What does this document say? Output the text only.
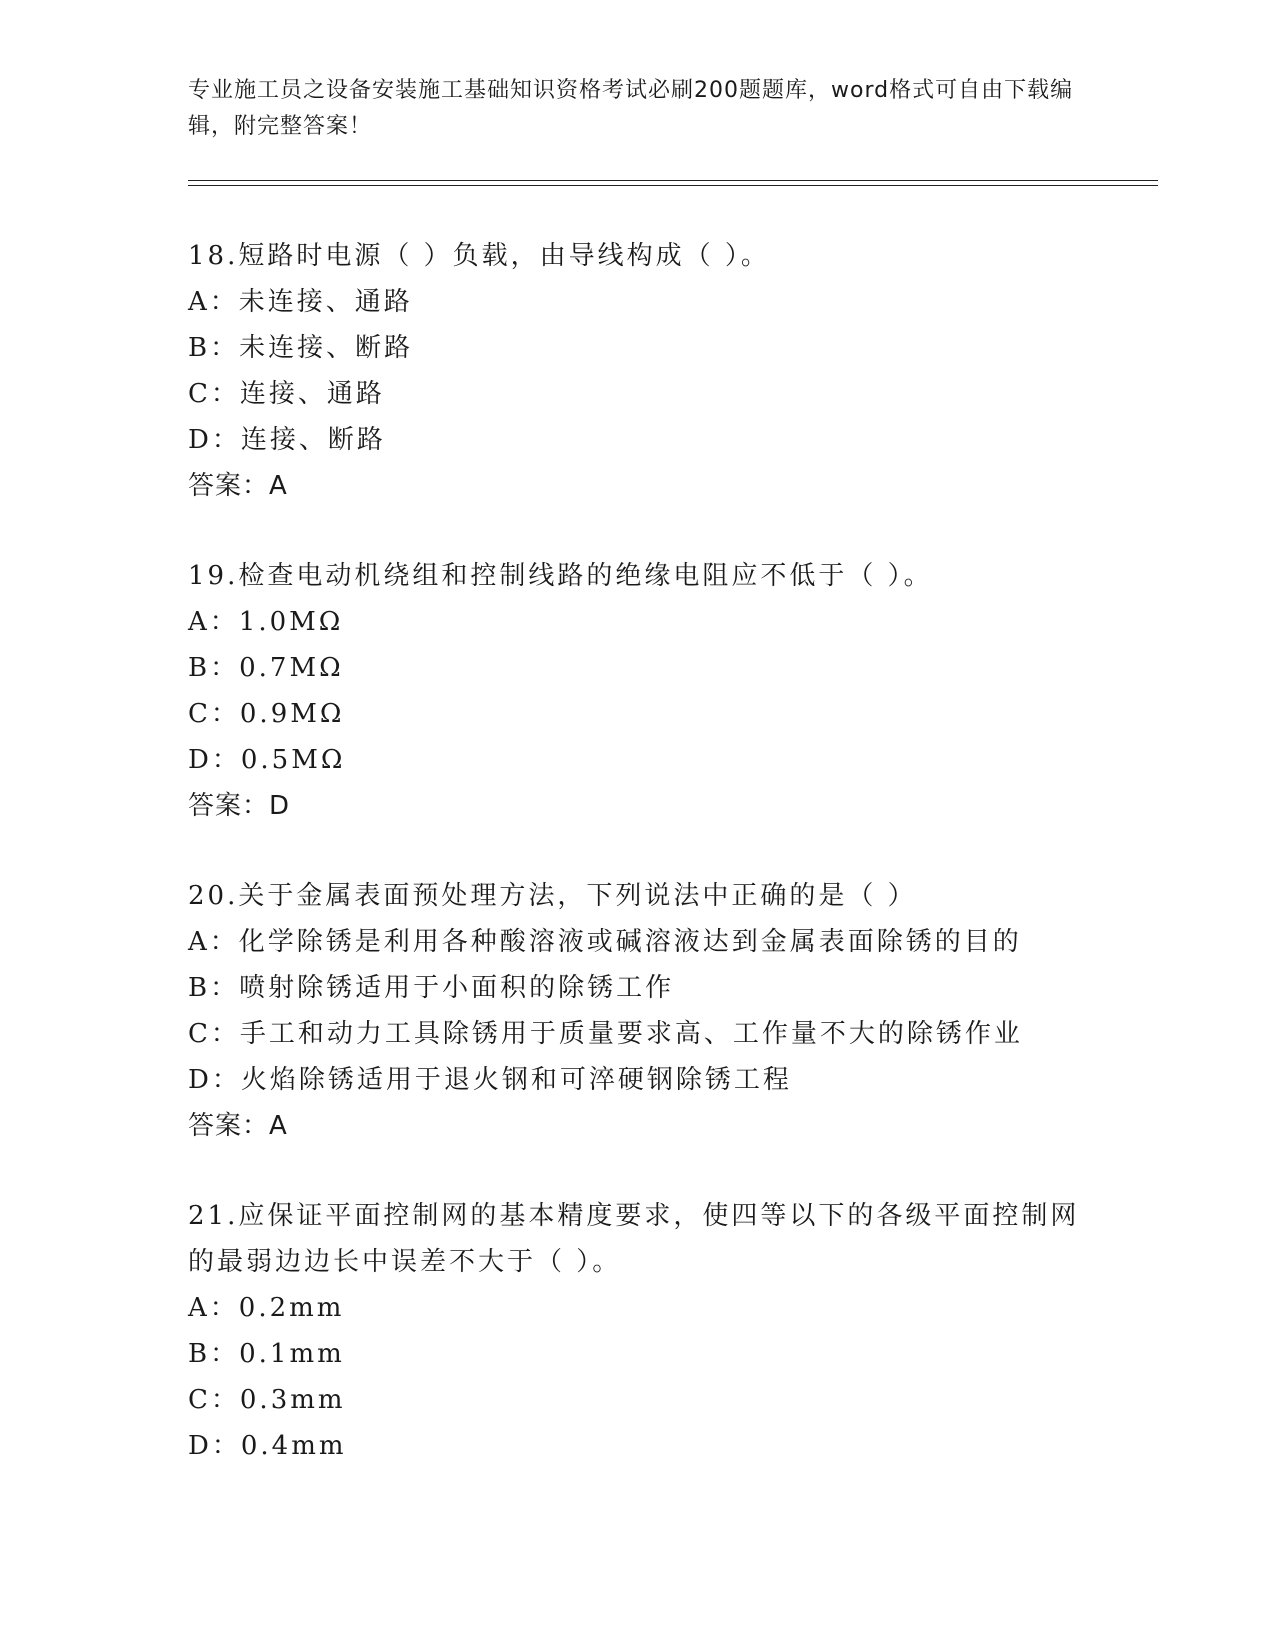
专业施工员之设备安装施工基础知识资格考试必刷200题题库，word格式可自由下载编辑，附完整答案！
18.短路时电源（ ）负载，由导线构成（ ）。
A：未连接、通路
B：未连接、断路
C：连接、通路
D：连接、断路
答案：A
19.检查电动机绕组和控制线路的绝缘电阻应不低于（ ）。
A：1.0MΩ
B：0.7MΩ
C：0.9MΩ
D：0.5MΩ
答案：D
20.关于金属表面预处理方法，下列说法中正确的是（ ）
A：化学除锈是利用各种酸溶液或碱溶液达到金属表面除锈的目的
B：喷射除锈适用于小面积的除锈工作
C：手工和动力工具除锈用于质量要求高、工作量不大的除锈作业
D：火焰除锈适用于退火钢和可淬硬钢除锈工程
答案：A
21.应保证平面控制网的基本精度要求，使四等以下的各级平面控制网的最弱边边长中误差不大于（ ）。
A：0.2mm
B：0.1mm
C：0.3mm
D：0.4mm
